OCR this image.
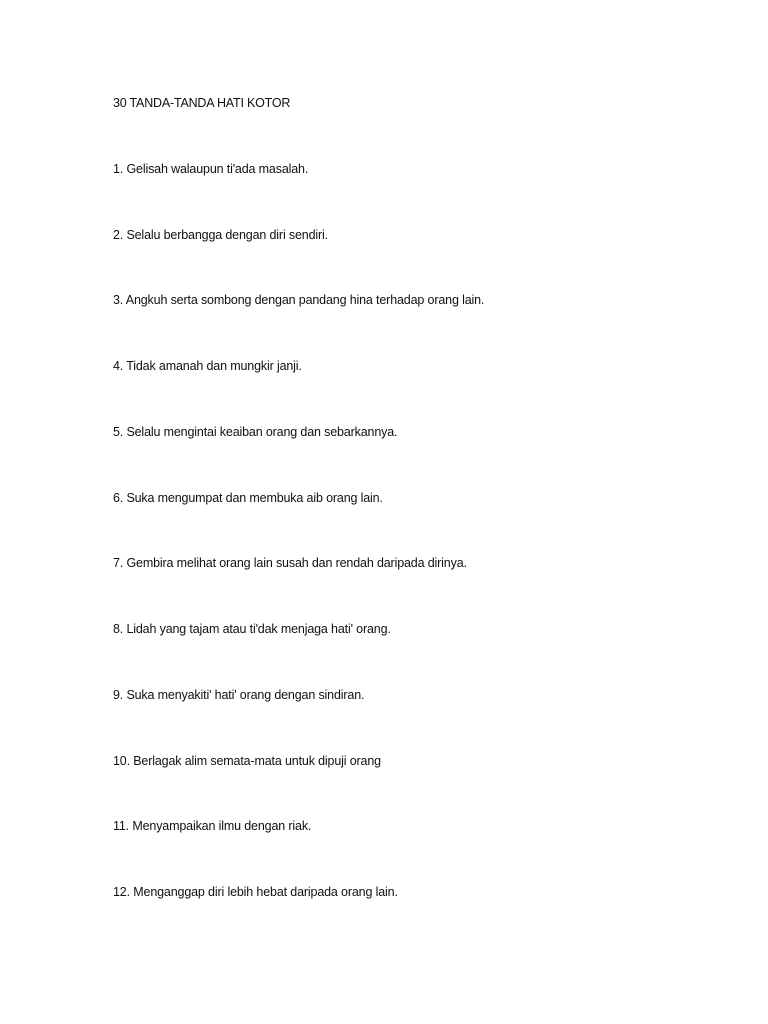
30 TANDA-TANDA HATI KOTOR
1. Gelisah walaupun ti'ada masalah.
2. Selalu berbangga dengan diri sendiri.
3. Angkuh serta sombong dengan pandang hina terhadap orang lain.
4. Tidak amanah dan mungkir janji.
5. Selalu mengintai keaiban orang dan sebarkannya.
6. Suka mengumpat dan membuka aib orang lain.
7. Gembira melihat orang lain susah dan rendah daripada dirinya.
8. Lidah yang tajam atau ti'dak menjaga hati' orang.
9. Suka menyakiti' hati' orang dengan sindiran.
10. Berlagak alim semata-mata untuk dipuji orang
11. Menyampaikan ilmu dengan riak.
12. Menganggap diri lebih hebat daripada orang lain.
